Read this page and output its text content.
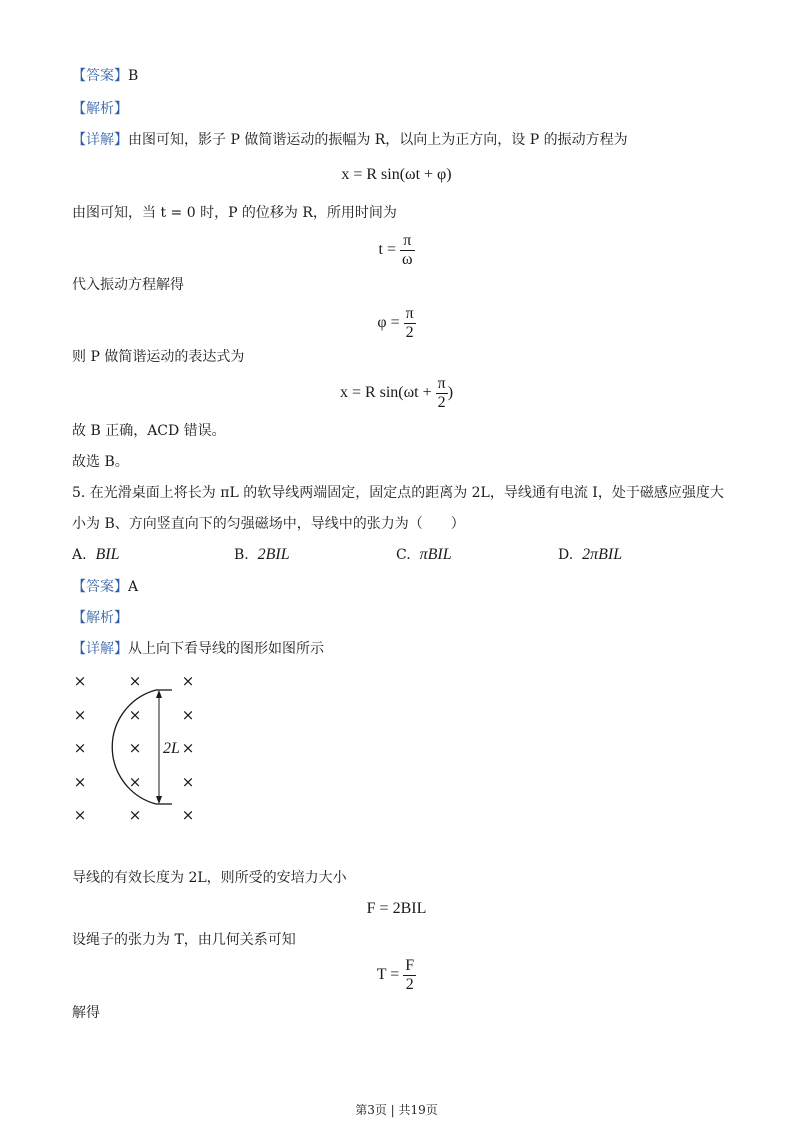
【答案】B
【解析】
【详解】由图可知，影子 P 做简谐运动的振幅为 R，以向上为正方向，设 P 的振动方程为
x = R sin(ωt + φ)
由图可知，当 t = 0 时，P 的位移为 R，所用时间为
$t = \frac{\pi}{\omega}$
代入振动方程解得
$\varphi = \frac{\pi}{2}$
则 P 做简谐运动的表达式为
x = R $\sin(\omega t + \frac{\pi}{2}$ )
故 B 正确，ACD 错误。
故选 B。
5. 在光滑桌面上将长为 πL 的软导线两端固定，固定点的距离为 2L，导线通有电流 I，处于磁感应强度大
小为 B、方向竖直向下的匀强磁场中，导线中的张力为（　　）
A. BIL	B. 2BIL	C. πBIL	D. 2πBIL
【答案】A
【解析】
【详解】从上向下看导线的图形如图所示
×	×	×
×	×	×
×	×	×
×	×	×
×	×	×
2L
导线的有效长度为 2L，则所受的安培力大小
F = 2BIL
设绳子的张力为 T，由几何关系可知
$T = \frac{F}{2}$
解得
第3页 | 共19页
